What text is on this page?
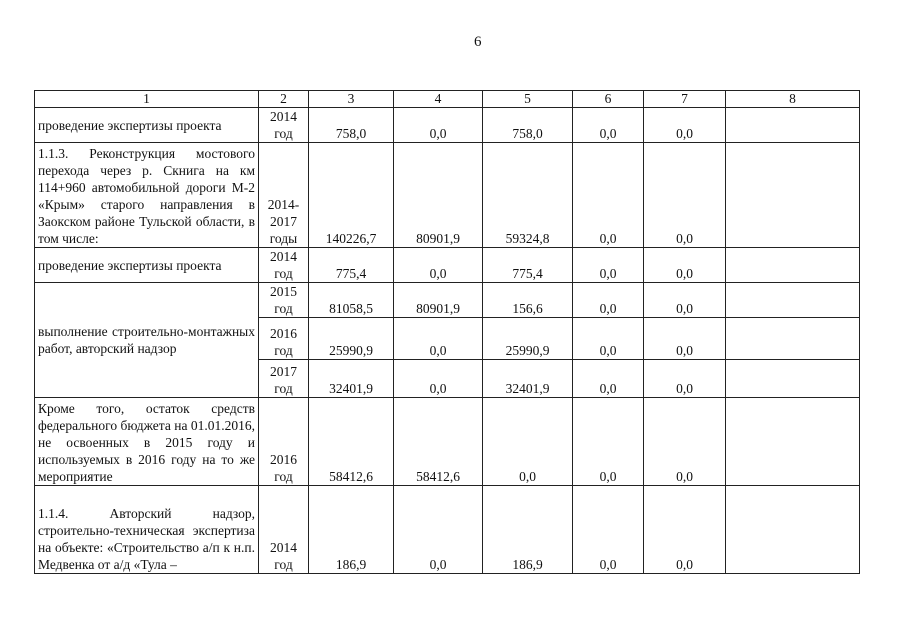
6
1	2	3	4	5	6	7	8
проведение экспертизы проекта	2014 год	758,0	0,0	758,0	0,0	0,0	
1.1.3. Реконструкция мостового перехода через р. Скнига на км 114+960 автомобильной дороги М-2 «Крым» старого направления в Заокском районе Тульской области, в том числе:	2014-2017 годы	140226,7	80901,9	59324,8	0,0	0,0	
проведение экспертизы проекта	2014 год	775,4	0,0	775,4	0,0	0,0	
выполнение строительно-монтажных работ, авторский надзор	2015 год	81058,5	80901,9	156,6	0,0	0,0	
	2016 год	25990,9	0,0	25990,9	0,0	0,0	
	2017 год	32401,9	0,0	32401,9	0,0	0,0	
Кроме того, остаток средств федерального бюджета на 01.01.2016, не освоенных в 2015 году и используемых в 2016 году на то же мероприятие	2016 год	58412,6	58412,6	0,0	0,0	0,0	
1.1.4. Авторский надзор, строительно-техническая экспертиза на объекте: «Строительство а/п к н.п. Медвенка от а/д «Тула –	2014 год	186,9	0,0	186,9	0,0	0,0	
